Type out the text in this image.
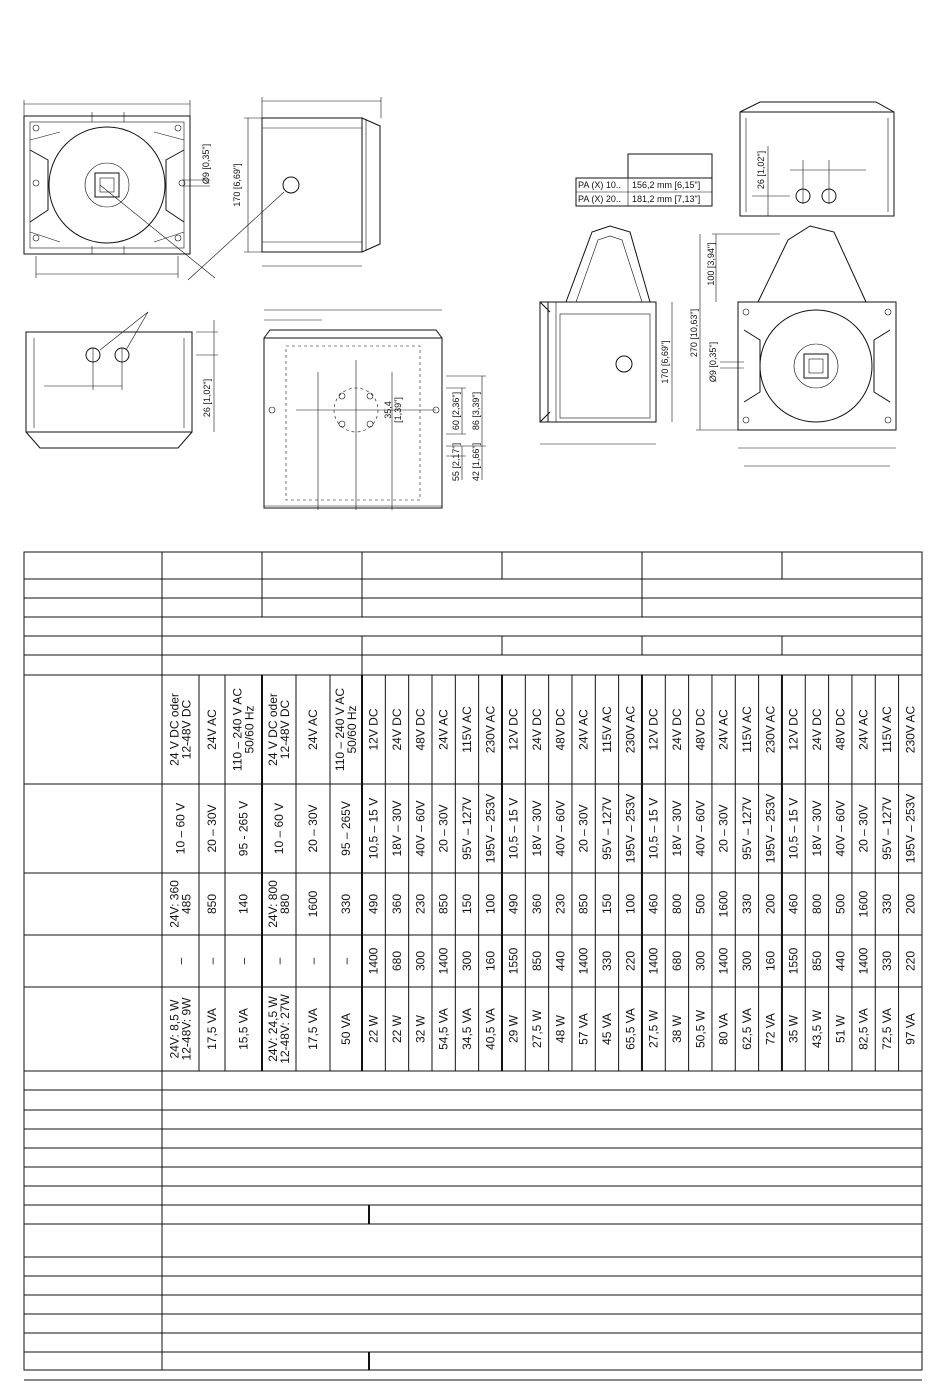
Ø9 [0,35"] 170 [6,69"]
26 [1,02"]	35,4 [1,39"]	60 [2,36"] 86 [3,39"]
55 [2,17"] 42 [1,66"]
PA (X) 10.. 156,2 mm [6,15"]
PA (X) 20.. 181,2 mm [7,13"]
26 [1,02"]
170 [6,69"]
100 [3,94"]
270 [10,63"]
Ø9 [0,35"]
24 V DC oder12-48V DC
10 – 60 V
24V: 360485
–
24V: 8,5 W12-48V: 9W
24V AC
20 – 30V
850
–
17,5 VA
110 – 240 V AC50/60 Hz
95 - 265 V
140
–
15,5 VA
24 V DC oder12-48V DC
10 – 60 V
24V: 800880
–
24V: 24,5 W12-48V: 27W
24V AC
20 – 30V
1600
–
17,5 VA
110 – 240 V AC50/60 Hz
95 – 265V
330
–
50 VA
12V DC
10,5 – 15 V
490
1400
22 W
24V DC
18V – 30V
360
680
22 W
48V DC
40V – 60V
230
300
32 W
24V AC
20 – 30V
850
1400
54,5 VA
115V AC
95V – 127V
150
300
34,5 VA
230V AC
195V – 253V
100
160
40,5 VA
12V DC
10,5 – 15 V
490
1550
29 W
24V DC
18V – 30V
360
850
27,5 W
48V DC
40V – 60V
230
440
48 W
24V AC
20 – 30V
850
1400
57 VA
115V AC
95V – 127V
150
330
45 VA
230V AC
195V – 253V
100
220
65,5 VA
12V DC
10,5 – 15 V
460
1400
27,5 W
24V DC
18V – 30V
800
680
38 W
48V DC
40V – 60V
500
300
50,5 W
24V AC
20 – 30V
1600
1400
80 VA
115V AC
95V – 127V
330
300
62,5 VA
230V AC
195V – 253V
200
160
72 VA
12V DC
10,5 – 15 V
460
1550
35 W
24V DC
18V – 30V
800
850
43,5 W
48V DC
40V – 60V
500
440
51 W
24V AC
20 – 30V
1600
1400
82,5 VA
115V AC
95V – 127V
330
330
72,5 VA
230V AC
195V – 253V
200
220
97 VA
